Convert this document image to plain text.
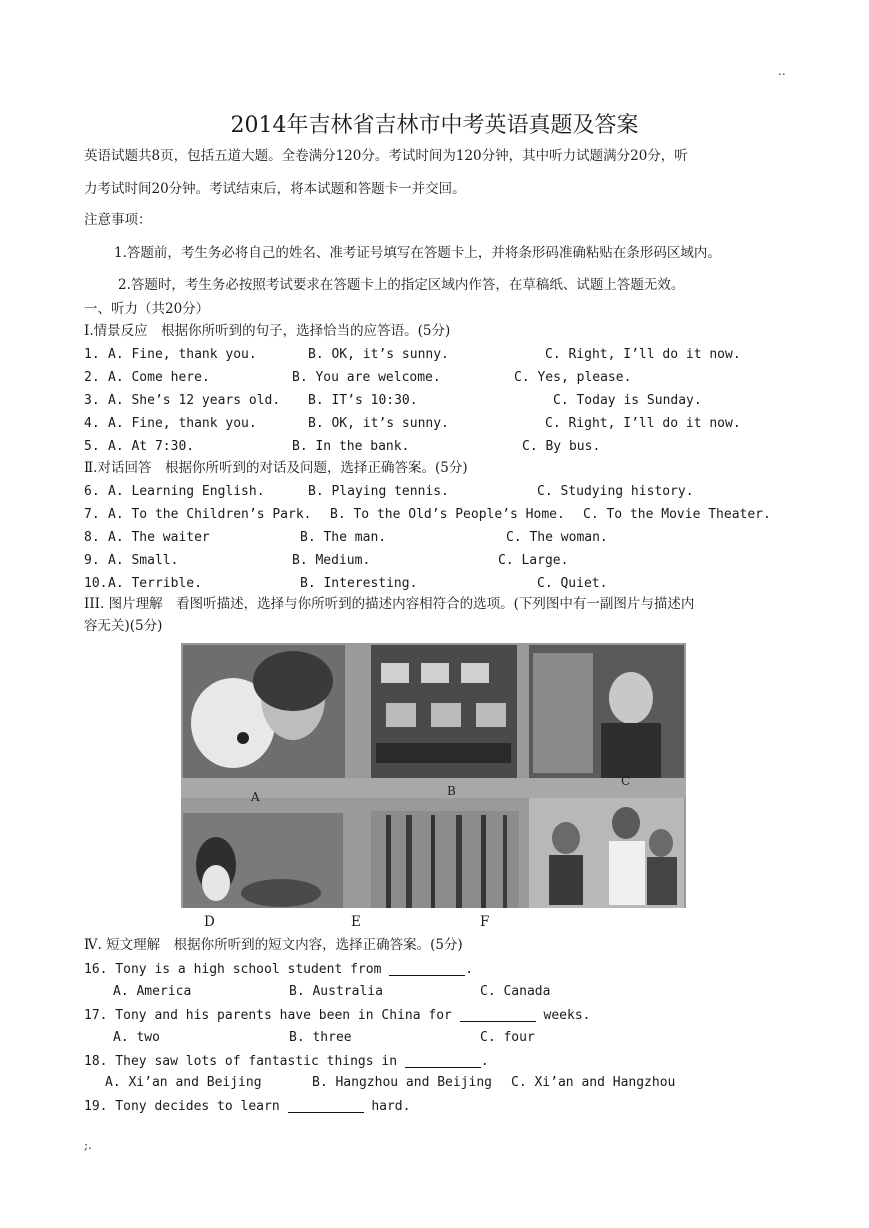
..
2014年吉林省吉林市中考英语真题及答案
英语试题共8页，包括五道大题。全卷满分120分。考试时间为120分钟，其中听力试题满分20分，听
力考试时间20分钟。考试结束后，将本试题和答题卡一并交回。
注意事项：
1.答题前，考生务必将自己的姓名、准考证号填写在答题卡上，并将条形码准确粘贴在条形码区域内。
2.答题时，考生务必按照考试要求在答题卡上的指定区域内作答，在草稿纸、试题上答题无效。
一、听力（共20分）
Ⅰ.情景反应　根据你所听到的句子，选择恰当的应答语。(5分)
1. A. Fine, thank you.	B. OK, it’s sunny.	C. Right, I’ll do it now.
2. A. Come here.	B. You are welcome.	C. Yes, please.
3. A. She’s 12 years old. B. IT’s 10:30.	C. Today is Sunday.
4. A. Fine, thank you.	B. OK, it’s sunny.	C. Right, I’ll do it now.
5. A. At 7:30.	B. In the bank.	C. By bus.
Ⅱ.对话回答　根据你所听到的对话及问题，选择正确答案。(5分)
6. A. Learning English.	B. Playing tennis.	C. Studying history.
7. A. To the Children’s Park. B. To the Old’s People’s Home. C. To the Movie Theater.
8. A. The waiter	B. The man.	C. The woman.
9. A. Small.	B. Medium.	C. Large.
10. A. Terrible.	B. Interesting.	C. Quiet.
III. 图片理解　看图听描述，选择与你所听到的描述内容相符合的选项。(下列图中有一副图片与描述内
容无关)(5分)
A	B
C
D	E	F
Ⅳ. 短文理解　根据你所听到的短文内容，选择正确答案。(5分)
16. Tony is a high school student from	.
A. America	B. Australia	C. Canada
17. Tony and his parents have been in China for	weeks.
A. two	B. three	C. four
18. They saw lots of fantastic things in	.
A. Xi’an and Beijing	B. Hangzhou and Beijing C. Xi’an and Hangzhou
19. Tony decides to learn	hard.
;.
